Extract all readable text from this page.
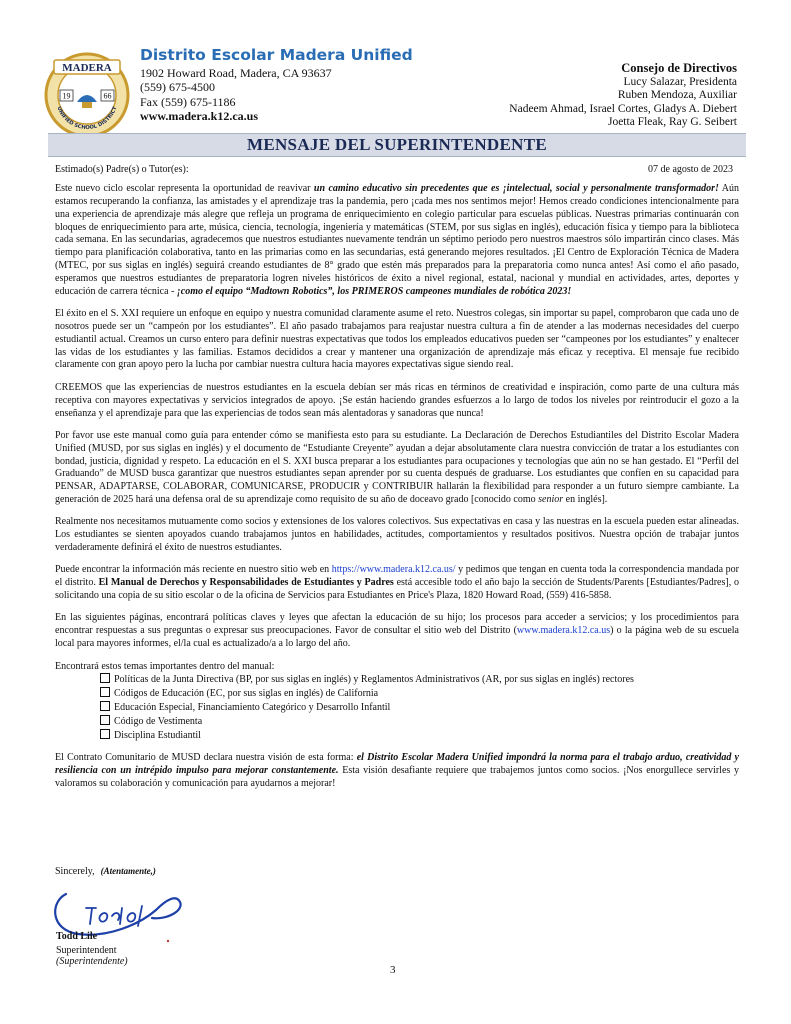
MADERA
19	66
UNIFIED SCHOOL DISTRICT
Distrito Escolar Madera Unified
1902 Howard Road, Madera, CA 93637
(559) 675-4500
Fax (559) 675-1186
www.madera.k12.ca.us
Consejo de Directivos
Lucy Salazar, Presidenta
Ruben Mendoza, Auxiliar
Nadeem Ahmad, Israel Cortes, Gladys A. Diebert
Joetta Fleak, Ray G. Seibert
MENSAJE DEL SUPERINTENDENTE
Estimado(s) Padre(s) o Tutor(es):	07 de agosto de 2023

Este nuevo ciclo escolar representa la oportunidad de reavivar un camino educativo sin precedentes que es ¡intelectual, social y personalmente transformador! Aún estamos recuperando la confianza, las amistades y el aprendizaje tras la pandemia, pero ¡cada mes nos sentimos mejor! Hemos creado condiciones intencionalmente para una experiencia de aprendizaje más alegre que refleja un programa de enriquecimiento en colegio particular para escuelas públicas. Nuestras primarias continuarán con bloques de enriquecimiento para arte, música, ciencia, tecnología, ingeniería y matemáticas (STEM, por sus siglas en inglés), educación física y tiempo para la biblioteca cada semana. En las secundarias, agradecemos que nuestros estudiantes nuevamente tendrán un séptimo periodo pero nuestros maestros sólo impartirán cinco clases. Más tiempo para planificación colaborativa, tanto en las primarias como en las secundarias, está generando mejores resultados. ¡El Centro de Exploración Técnica de Madera (MTEC, por sus siglas en inglés) seguirá creando estudiantes de 8° grado que estén más preparados para la preparatoria como nunca antes! Así como el año pasado, esperamos que nuestros estudiantes de preparatoria logren niveles históricos de éxito a nivel regional, estatal, nacional y mundial en actividades, artes, deportes y educación de carrera técnica - ¡como el equipo “Madtown Robotics”, los PRIMEROS campeones mundiales de robótica 2023!

El éxito en el S. XXI requiere un enfoque en equipo y nuestra comunidad claramente asume el reto. Nuestros colegas, sin importar su papel, comprobaron que cada uno de nosotros puede ser un “campeón por los estudiantes”. El año pasado trabajamos para reajustar nuestra cultura a fin de atender a las modernas necesidades del cuerpo estudiantil actual. Creamos un curso entero para definir nuestras expectativas que todos los empleados educativos pueden ser “campeones por los estudiantes” y enaltecer las vidas de los estudiantes y las familias. Estamos decididos a crear y mantener una organización de aprendizaje más eficaz y receptiva. El mensaje fue recibido claramente con gran apoyo pero la lucha por cambiar nuestra cultura hacia mayores expectativas sigue siendo real.

CREEMOS que las experiencias de nuestros estudiantes en la escuela debían ser más ricas en términos de creatividad e inspiración, como parte de una cultura más receptiva con mayores expectativas y servicios integrados de apoyo. ¡Se están haciendo grandes esfuerzos a lo largo de todos los niveles por reintroducir el gozo a la enseñanza y el aprendizaje para que las experiencias de todos sean más alentadoras y sanadoras que nunca!

Por favor use este manual como guía para entender cómo se manifiesta esto para su estudiante. La Declaración de Derechos Estudiantiles del Distrito Escolar Madera Unified (MUSD, por sus siglas en inglés) y el documento de “Estudiante Creyente” ayudan a dejar absolutamente clara nuestra convicción de tratar a los estudiantes con bondad, justicia, dignidad y respeto. La educación en el S. XXI busca preparar a los estudiantes para ocupaciones y tecnologías que aún no se han gestado. El “Perfil del Graduando” de MUSD busca garantizar que nuestros estudiantes sepan aprender por su cuenta después de graduarse. Los estudiantes que confíen en su capacidad para PENSAR, ADAPTARSE, COLABORAR, COMUNICARSE, PRODUCIR y CONTRIBUIR hallarán la flexibilidad para responder a un futuro siempre cambiante. La generación de 2025 hará una defensa oral de su aprendizaje como requisito de su año de doceavo grado [conocido como senior en inglés].

Realmente nos necesitamos mutuamente como socios y extensiones de los valores colectivos. Sus expectativas en casa y las nuestras en la escuela pueden estar alineadas. Los estudiantes se sienten apoyados cuando trabajamos juntos en habilidades, actitudes, comportamientos y resultados positivos. Nuestra opción de trabajar juntos verdaderamente definirá el éxito de nuestros estudiantes.

Puede encontrar la información más reciente en nuestro sitio web en https://www.madera.k12.ca.us/ y pedimos que tengan en cuenta toda la correspondencia mandada por el distrito. El Manual de Derechos y Responsabilidades de Estudiantes y Padres está accesible todo el año bajo la sección de Students/Parents [Estudiantes/Padres], o solicitando una copia de su sitio escolar o de la oficina de Servicios para Estudiantes en Price's Plaza, 1820 Howard Road, (559) 416-5858.

En las siguientes páginas, encontrará políticas claves y leyes que afectan la educación de su hijo; los procesos para acceder a servicios; y los procedimientos para encontrar respuestas a sus preguntas o expresar sus preocupaciones. Favor de consultar el sitio web del Distrito (www.madera.k12.ca.us) o la página web de su escuela local para mayores informes, el/la cual es actualizado/a a lo largo del año.

Encontrará estos temas importantes dentro del manual:
Políticas de la Junta Directiva (BP, por sus siglas en inglés) y Reglamentos Administrativos (AR, por sus siglas en inglés) rectores
Códigos de Educación (EC, por sus siglas en inglés) de California
Educación Especial, Financiamiento Categórico y Desarrollo Infantil
Código de Vestimenta
Disciplina Estudiantil

El Contrato Comunitario de MUSD declara nuestra visión de esta forma: el Distrito Escolar Madera Unified impondrá la norma para el trabajo arduo, creatividad y resiliencia con un intrépido impulso para mejorar constantemente. Esta visión desafiante requiere que trabajemos juntos como socios. ¡Nos enorgullece servirles y valoramos su colaboración y comunicación para ayudarnos a mejorar!

Sincerely, (Atentamente,)
Todd Lile
Superintendent
(Superintendente)
3
